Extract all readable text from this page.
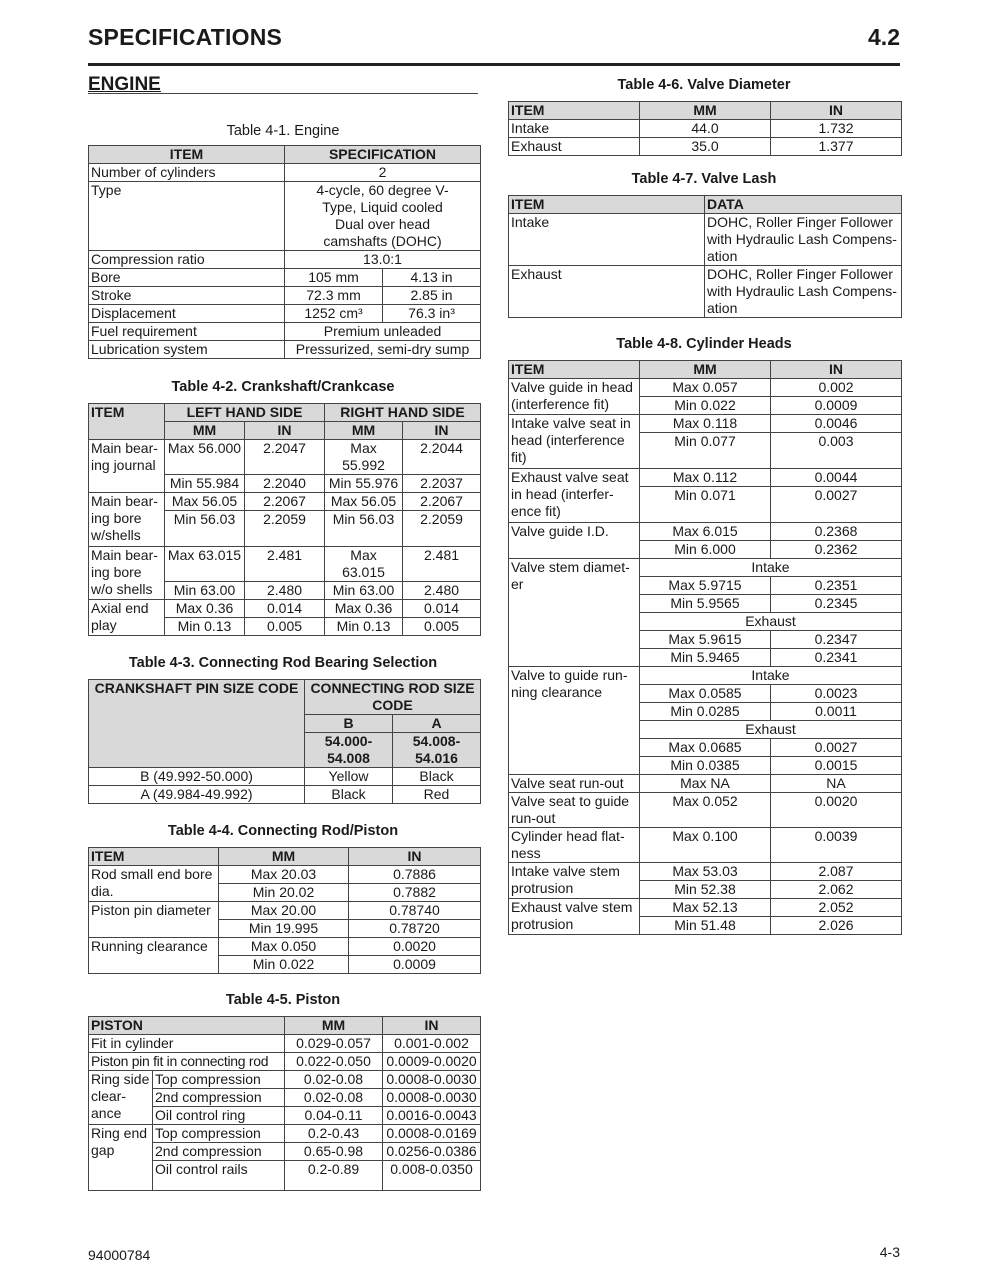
SPECIFICATIONS	4.2
ENGINE
Table 4-1. Engine
ITEM	SPECIFICATION	
Number of cylinders	2	
Type	4-cycle, 60 degree V-Type, Liquid cooled Dual over head camshafts (DOHC)	
Compression ratio	13.0:1	
Bore	105 mm	4.13 in
Stroke	72.3 mm	2.85 in
Displacement	1252 cm³	76.3 in³
Fuel requirement	Premium unleaded	
Lubrication system	Pressurized, semi-dry sump	
Table 4-2. Crankshaft/Crankcase
ITEM	LEFT HAND SIDE		RIGHT HAND SIDE	
	MM	IN	MM	IN
Main bear-ing journal	Max 56.000	2.2047	Max 55.992	2.2044
	Min 55.984	2.2040	Min 55.976	2.2037
Main bear-ing bore w/shells	Max 56.05	2.2067	Max 56.05	2.2067
	Min 56.03	2.2059	Min 56.03	2.2059
Main bear-ing bore w/o shells	Max 63.015	2.481	Max 63.015	2.481
	Min 63.00	2.480	Min 63.00	2.480
Axial end play	Max 0.36	0.014	Max 0.36	0.014
	Min 0.13	0.005	Min 0.13	0.005
Table 4-3. Connecting Rod Bearing Selection
CRANKSHAFT PIN SIZE CODE	CONNECTING ROD SIZE CODE	
	B	A
	54.000-54.008	54.008-54.016
B (49.992-50.000)	Yellow	Black
A (49.984-49.992)	Black	Red
Table 4-4. Connecting Rod/Piston
ITEM	MM	IN
Rod small end bore dia.	Max 20.03	0.7886
	Min 20.02	0.7882
Piston pin diameter	Max 20.00	0.78740
	Min 19.995	0.78720
Running clearance	Max 0.050	0.0020
	Min 0.022	0.0009
Table 4-5. Piston
PISTON		MM	IN
Fit in cylinder		0.029-0.057	0.001-0.002
Piston pin fit in connecting rod		0.022-0.050	0.0009-0.0020
Ring side clear-ance	Top compression	0.02-0.08	0.0008-0.0030
	2nd compression	0.02-0.08	0.0008-0.0030
	Oil control ring	0.04-0.11	0.0016-0.0043
Ring end gap	Top compression	0.2-0.43	0.0008-0.0169
	2nd compression	0.65-0.98	0.0256-0.0386
	Oil control rails	0.2-0.89	0.008-0.0350
Table 4-6. Valve Diameter
ITEM	MM	IN
Intake	44.0	1.732
Exhaust	35.0	1.377
Table 4-7. Valve Lash
ITEM	DATA
Intake	DOHC, Roller Finger Follower with Hydraulic Lash Compens-ation
Exhaust	DOHC, Roller Finger Follower with Hydraulic Lash Compens-ation
Table 4-8. Cylinder Heads
ITEM	MM	IN
Valve guide in head (interference fit)	Max 0.057	0.002
	Min 0.022	0.0009
Intake valve seat in head (interference fit)	Max 0.118	0.0046
	Min 0.077	0.003
Exhaust valve seat in head (interfer-ence fit)	Max 0.112	0.0044
	Min 0.071	0.0027
Valve guide I.D.	Max 6.015	0.2368
	Min 6.000	0.2362
Valve stem diamet-er	Intake	
	Max 5.9715	0.2351
	Min 5.9565	0.2345
	Exhaust	
	Max 5.9615	0.2347
	Min 5.9465	0.2341
Valve to guide run-ning clearance	Intake	
	Max 0.0585	0.0023
	Min 0.0285	0.0011
	Exhaust	
	Max 0.0685	0.0027
	Min 0.0385	0.0015
Valve seat run-out	Max NA	NA
Valve seat to guide run-out	Max 0.052	0.0020
Cylinder head flat-ness	Max 0.100	0.0039
Intake valve stem protrusion	Max 53.03	2.087
	Min 52.38	2.062
Exhaust valve stem protrusion	Max 52.13	2.052
	Min 51.48	2.026
94000784	4-3
